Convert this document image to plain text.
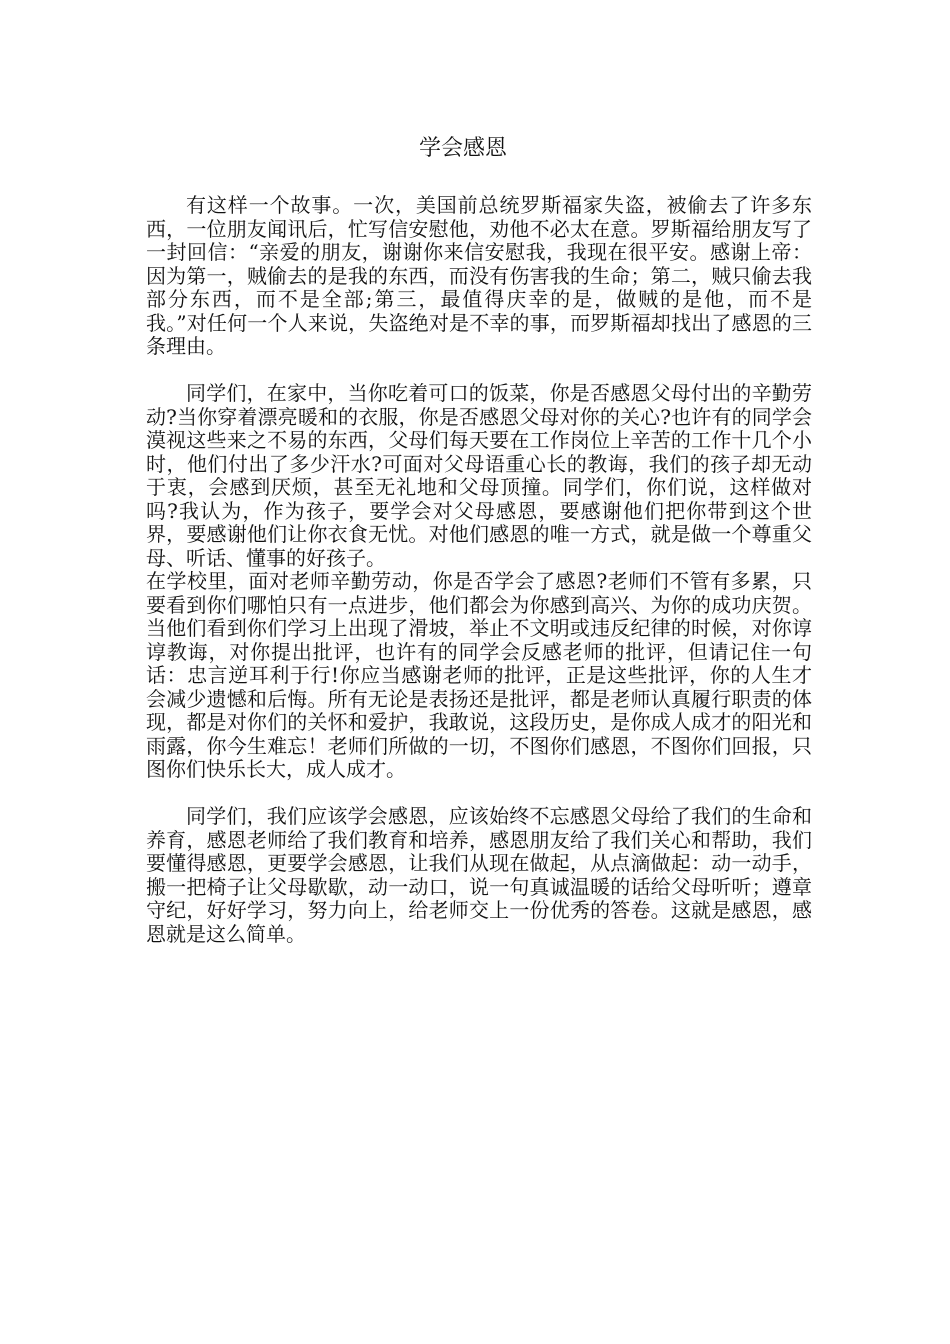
学会感恩

有这样一个故事。一次，美国前总统罗斯福家失盗，被偷去了许多东西，一位朋友闻讯后，忙写信安慰他，劝他不必太在意。罗斯福给朋友写了一封回信：“亲爱的朋友，谢谢你来信安慰我，我现在很平安。感谢上帝：因为第一，贼偷去的是我的东西，而没有伤害我的生命；第二，贼只偷去我部分东西，而不是全部;第三，最值得庆幸的是，做贼的是他，而不是我。”对任何一个人来说，失盗绝对是不幸的事，而罗斯福却找出了感恩的三条理由。

同学们，在家中，当你吃着可口的饭菜，你是否感恩父母付出的辛勤劳动?当你穿着漂亮暖和的衣服，你是否感恩父母对你的关心?也许有的同学会漠视这些来之不易的东西，父母们每天要在工作岗位上辛苦的工作十几个小时，他们付出了多少汗水?可面对父母语重心长的教诲，我们的孩子却无动于衷，会感到厌烦，甚至无礼地和父母顶撞。同学们，你们说，这样做对吗?我认为，作为孩子，要学会对父母感恩，要感谢他们把你带到这个世界，要感谢他们让你衣食无忧。对他们感恩的唯一方式，就是做一个尊重父母、听话、懂事的好孩子。

在学校里，面对老师辛勤劳动，你是否学会了感恩?老师们不管有多累，只要看到你们哪怕只有一点进步，他们都会为你感到高兴、为你的成功庆贺。当他们看到你们学习上出现了滑坡，举止不文明或违反纪律的时候，对你谆谆教诲，对你提出批评，也许有的同学会反感老师的批评，但请记住一句话：忠言逆耳利于行!你应当感谢老师的批评，正是这些批评，你的人生才会减少遗憾和后悔。所有无论是表扬还是批评，都是老师认真履行职责的体现，都是对你们的关怀和爱护，我敢说，这段历史，是你成人成才的阳光和雨露，你今生难忘！老师们所做的一切，不图你们感恩，不图你们回报，只图你们快乐长大，成人成才。

同学们，我们应该学会感恩，应该始终不忘感恩父母给了我们的生命和养育，感恩老师给了我们教育和培养，感恩朋友给了我们关心和帮助，我们要懂得感恩，更要学会感恩，让我们从现在做起，从点滴做起：动一动手，搬一把椅子让父母歇歇，动一动口，说一句真诚温暖的话给父母听听；遵章守纪，好好学习，努力向上，给老师交上一份优秀的答卷。这就是感恩，感恩就是这么简单。
